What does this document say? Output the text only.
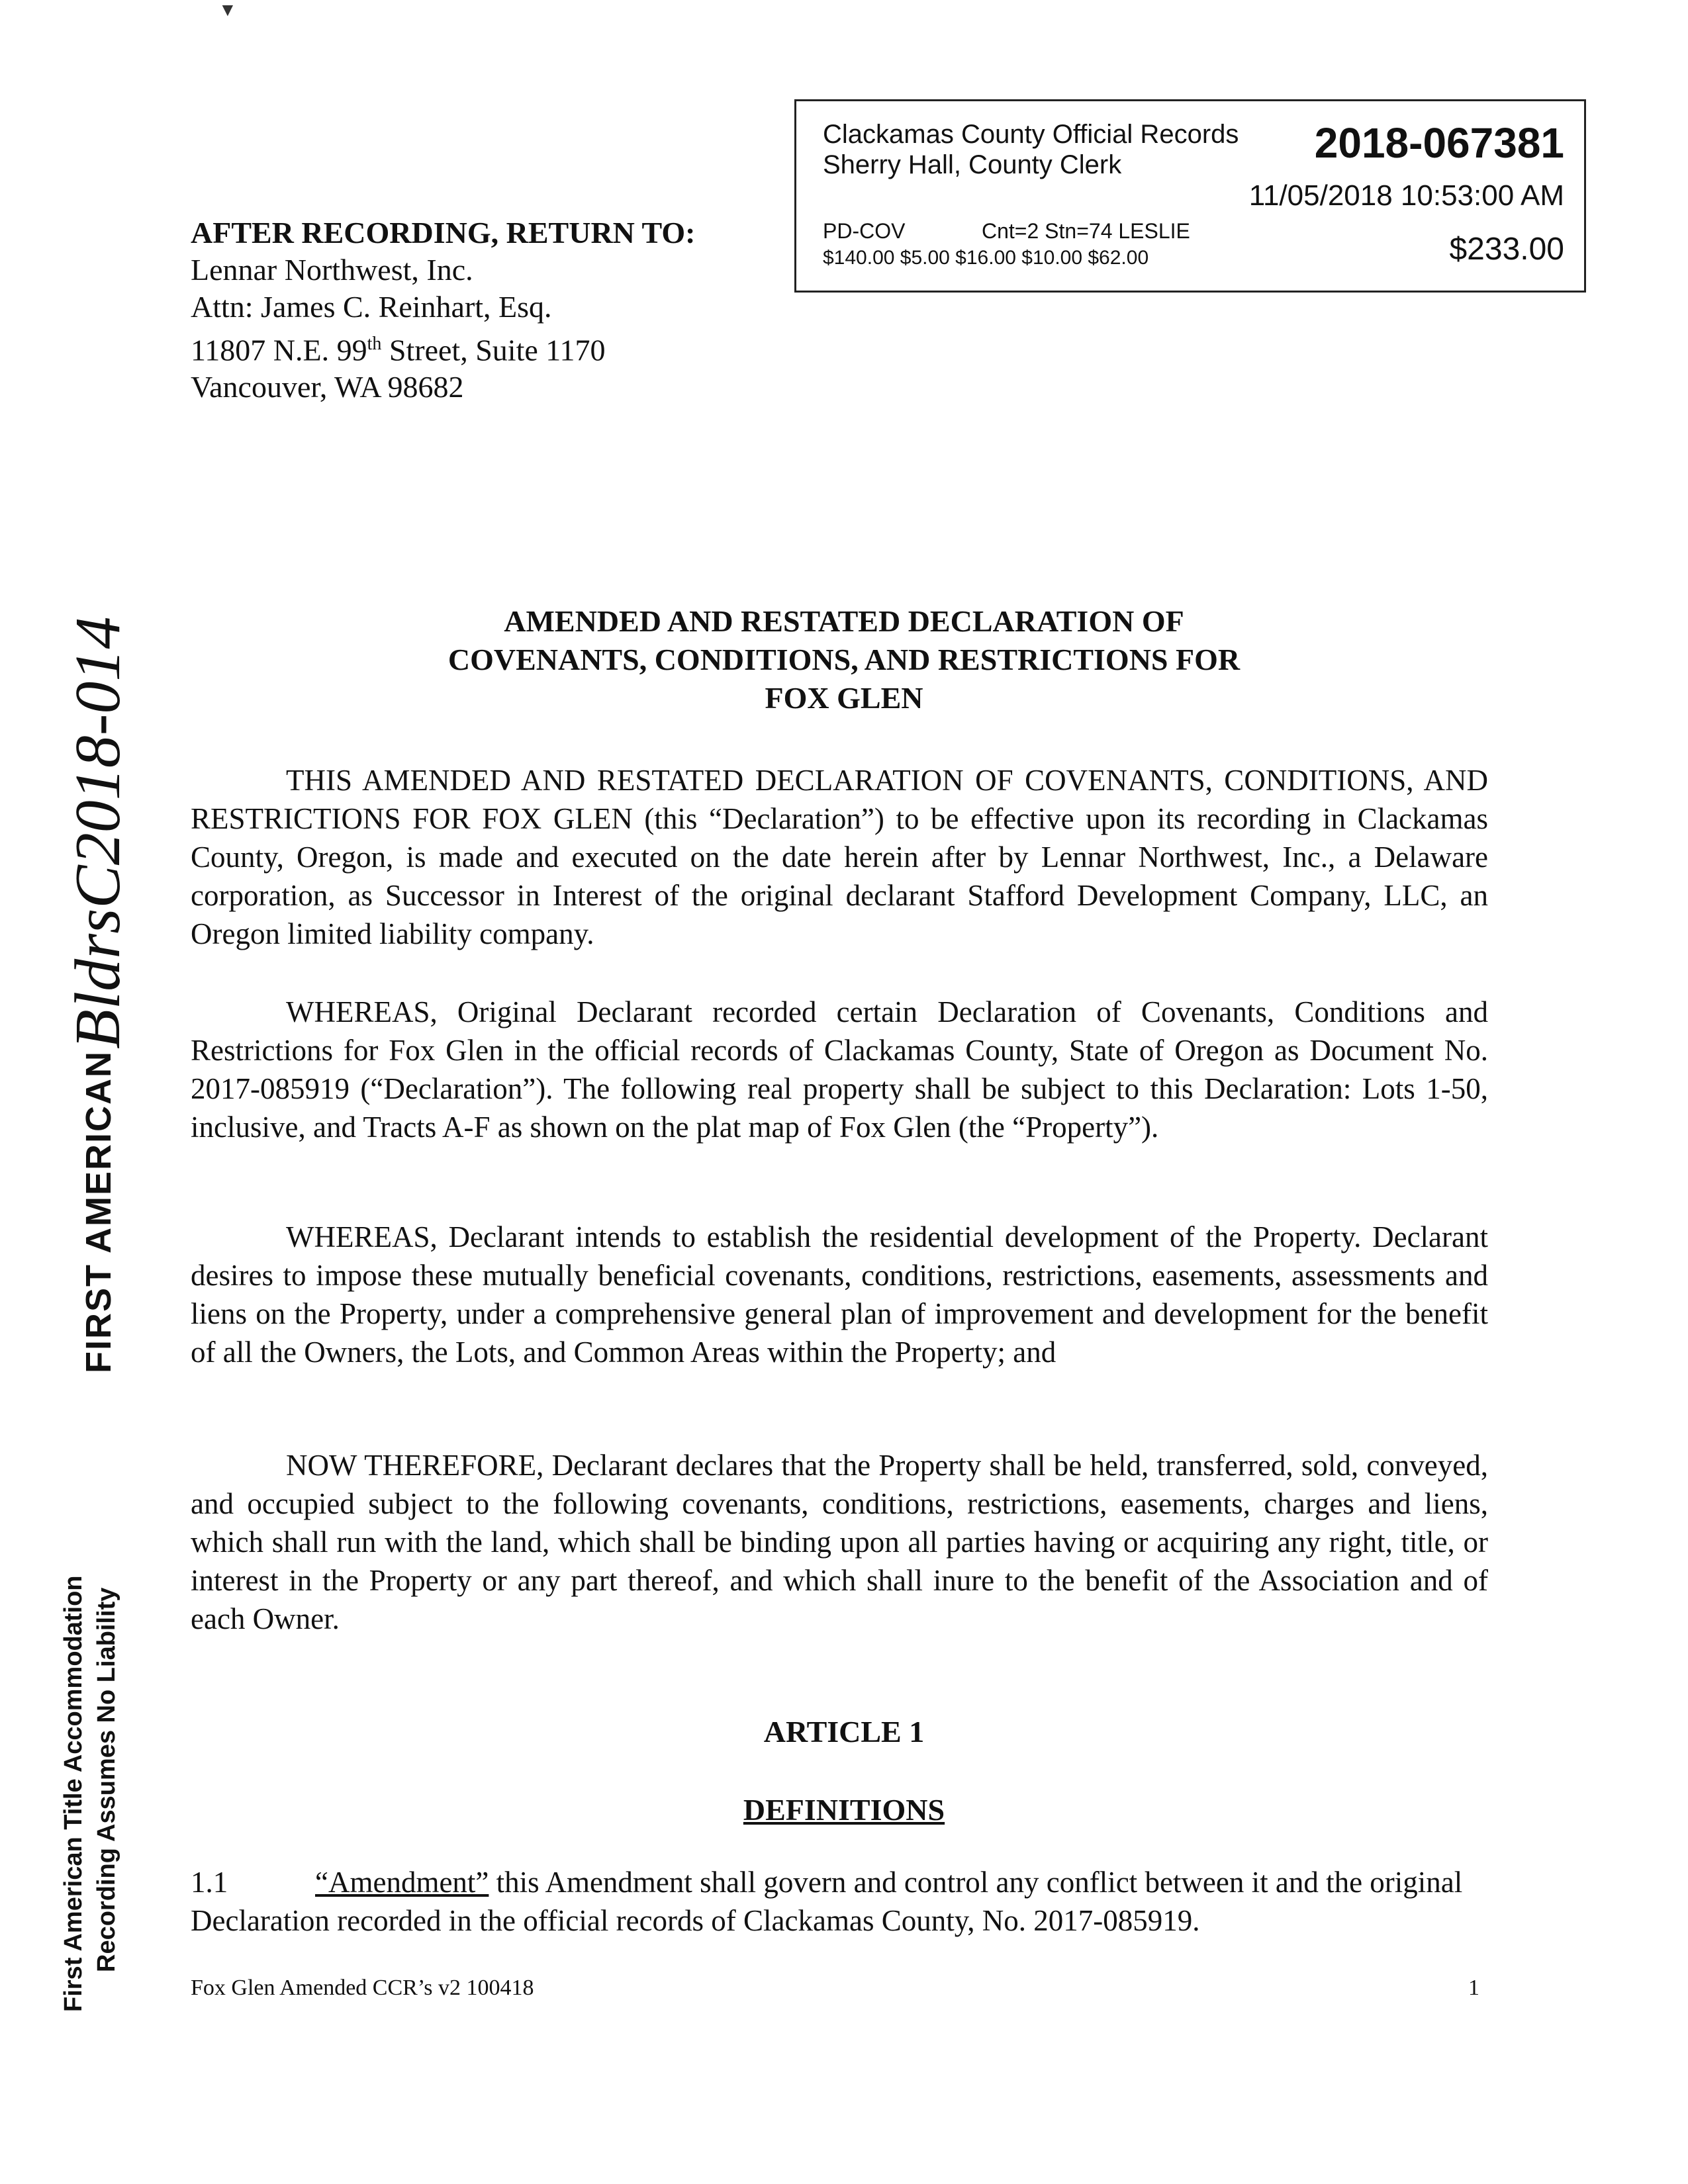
▼
Clackamas County Official Records
Sherry Hall, County Clerk	2018-067381
11/05/2018 10:53:00 AM
PD-COV	Cnt=2 Stn=74 LESLIE
$140.00 $5.00 $16.00 $10.00 $62.00	$233.00
AFTER RECORDING, RETURN TO:
Lennar Northwest, Inc.
Attn: James C. Reinhart, Esq.
11807 N.E. 99th Street, Suite 1170
Vancouver, WA 98682
AMENDED AND RESTATED DECLARATION OF
COVENANTS, CONDITIONS, AND RESTRICTIONS FOR
FOX GLEN
THIS AMENDED AND RESTATED DECLARATION OF COVENANTS, CONDITIONS, AND RESTRICTIONS FOR FOX GLEN (this “Declaration”) to be effective upon its recording in Clackamas County, Oregon, is made and executed on the date herein after by Lennar Northwest, Inc., a Delaware corporation, as Successor in Interest of the original declarant Stafford Development Company, LLC, an Oregon limited liability company.
WHEREAS, Original Declarant recorded certain Declaration of Covenants, Conditions and Restrictions for Fox Glen in the official records of Clackamas County, State of Oregon as Document No. 2017-085919 (“Declaration”). The following real property shall be subject to this Declaration: Lots 1-50, inclusive, and Tracts A-F as shown on the plat map of Fox Glen (the “Property”).
WHEREAS, Declarant intends to establish the residential development of the Property. Declarant desires to impose these mutually beneficial covenants, conditions, restrictions, easements, assessments and liens on the Property, under a comprehensive general plan of improvement and development for the benefit of all the Owners, the Lots, and Common Areas within the Property; and
NOW THEREFORE, Declarant declares that the Property shall be held, transferred, sold, conveyed, and occupied subject to the following covenants, conditions, restrictions, easements, charges and liens, which shall run with the land, which shall be binding upon all parties having or acquiring any right, title, or interest in the Property or any part thereof, and which shall inure to the benefit of the Association and of each Owner.
ARTICLE 1
DEFINITIONS
1.1	“Amendment” this Amendment shall govern and control any conflict between it and the original Declaration recorded in the official records of Clackamas County, No. 2017-085919.
Fox Glen Amended CCR’s v2 100418	1
BldrsC2018-014
FIRST AMERICAN
First American Title Accommodation Recording Assumes No Liability
